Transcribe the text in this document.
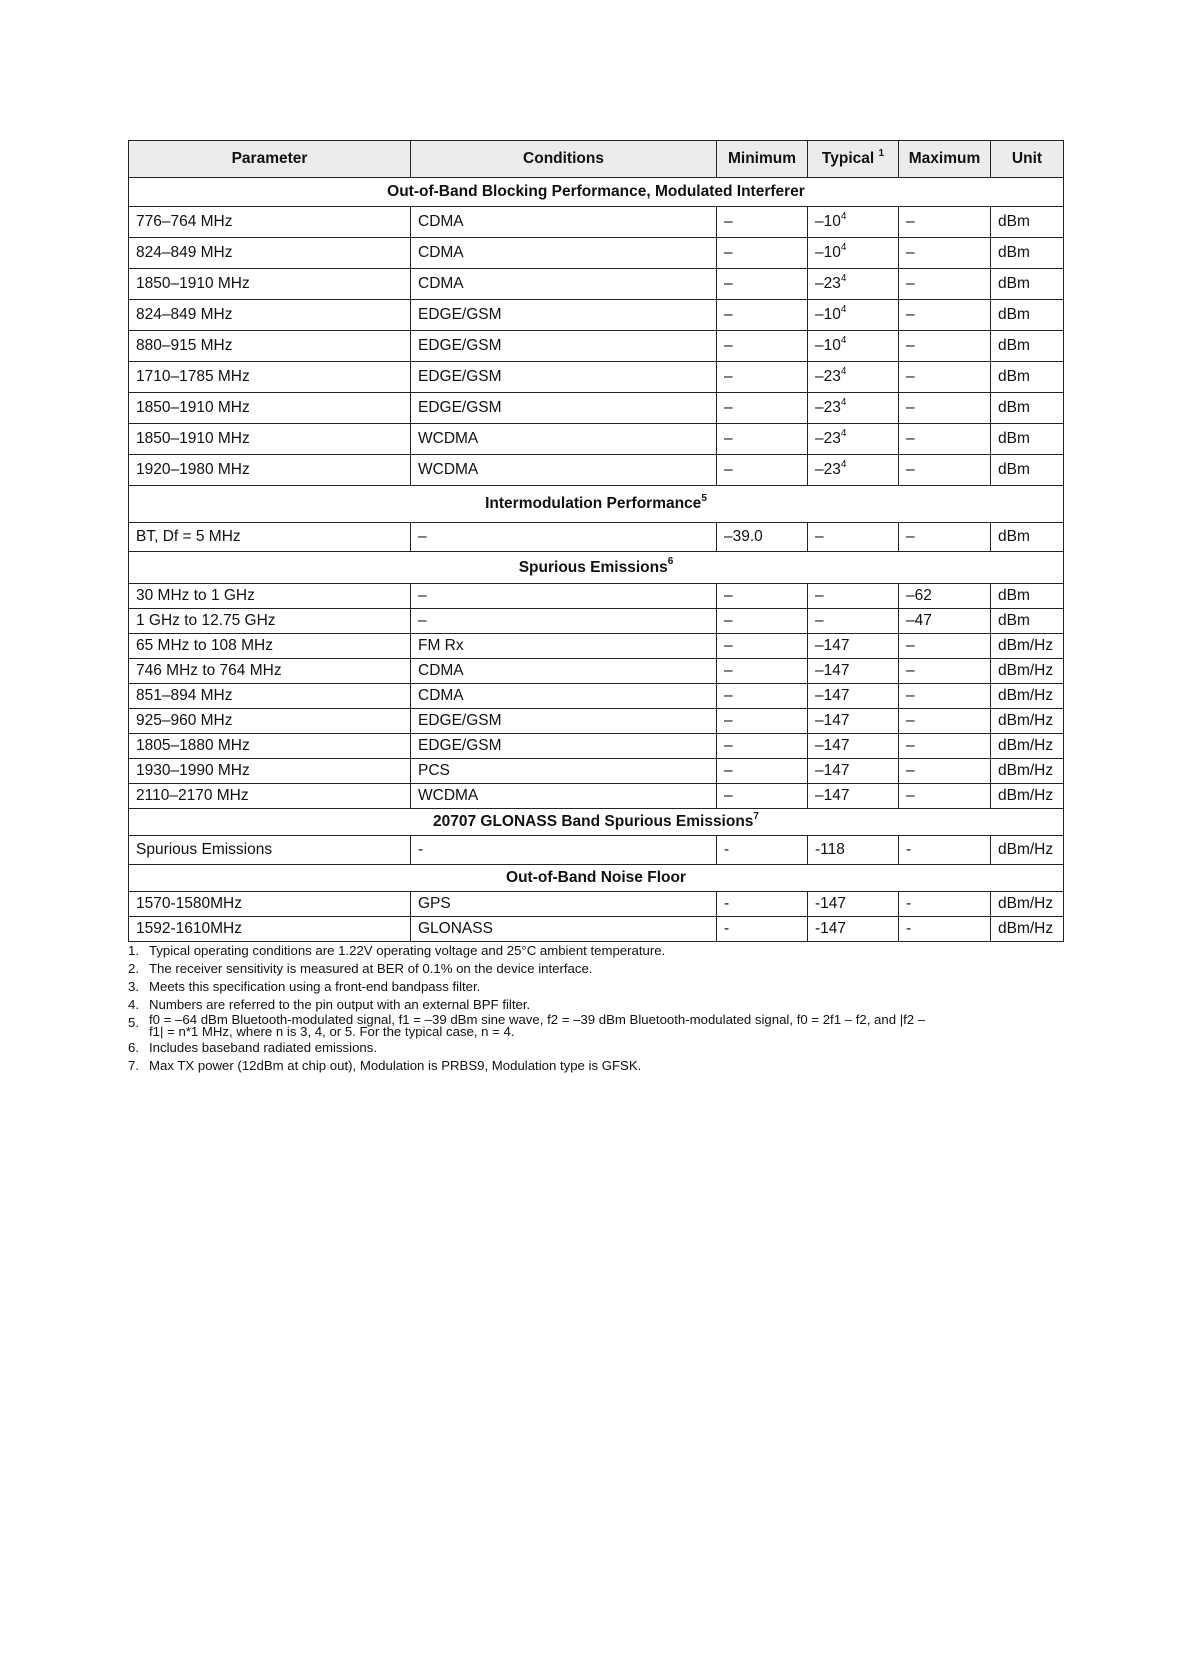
Parameter	Conditions	Minimum	Typical $^1$	Maximum	Unit
Out-of-Band Blocking Performance, Modulated Interferer					
776–764 MHz	CDMA	–	$-10^4$	–	dBm
824–849 MHz	CDMA	–	$-10^4$	–	dBm
1850–1910 MHz	CDMA	–	$-23^4$	–	dBm
824–849 MHz	EDGE/GSM	–	$-10^4$	–	dBm
880–915 MHz	EDGE/GSM	–	$-10^4$	–	dBm
1710–1785 MHz	EDGE/GSM	–	$-23^4$	–	dBm
1850–1910 MHz	EDGE/GSM	–	$-23^4$	–	dBm
1850–1910 MHz	WCDMA	–	$-23^4$	–	dBm
1920–1980 MHz	WCDMA	–	$-23^4$	–	dBm
Intermodulation Performance$^5$
BT, Df = 5 MHz	–	–39.0	–	–	dBm
Spurious Emissions$^6$
30 MHz to 1 GHz	–	–	–	–62	dBm
1 GHz to 12.75 GHz	–	–	–	–47	dBm
65 MHz to 108 MHz	FM Rx	–	–147	–	dBm/Hz
746 MHz to 764 MHz	CDMA	–	–147	–	dBm/Hz
851–894 MHz	CDMA	–	–147	–	dBm/Hz
925–960 MHz	EDGE/GSM	–	–147	–	dBm/Hz
1805–1880 MHz	EDGE/GSM	–	–147	–	dBm/Hz
1930–1990 MHz	PCS	–	–147	–	dBm/Hz
2110–2170 MHz	WCDMA	–	–147	–	dBm/Hz
20707 GLONASS Band Spurious Emissions$^7$
Spurious Emissions	-	-	-118	-	dBm/Hz
Out-of-Band Noise Floor					
1570-1580MHz	GPS	-	-147	-	dBm/Hz
1592-1610MHz	GLONASS	-	-147	-	dBm/Hz
1. Typical operating conditions are 1.22V operating voltage and 25°C ambient temperature.
2. The receiver sensitivity is measured at BER of 0.1% on the device interface.
3. Meets this specification using a front-end bandpass filter.
4. Numbers are referred to the pin output with an external BPF filter.
5. f0 = –64 dBm Bluetooth-modulated signal, f1 = –39 dBm sine wave, f2 = –39 dBm Bluetooth-modulated signal, f0 = 2f1 – f2, and |f2 –
f1| = n*1 MHz, where n is 3, 4, or 5. For the typical case, n = 4.
6. Includes baseband radiated emissions.
7. Max TX power (12dBm at chip out), Modulation is PRBS9, Modulation type is GFSK.
